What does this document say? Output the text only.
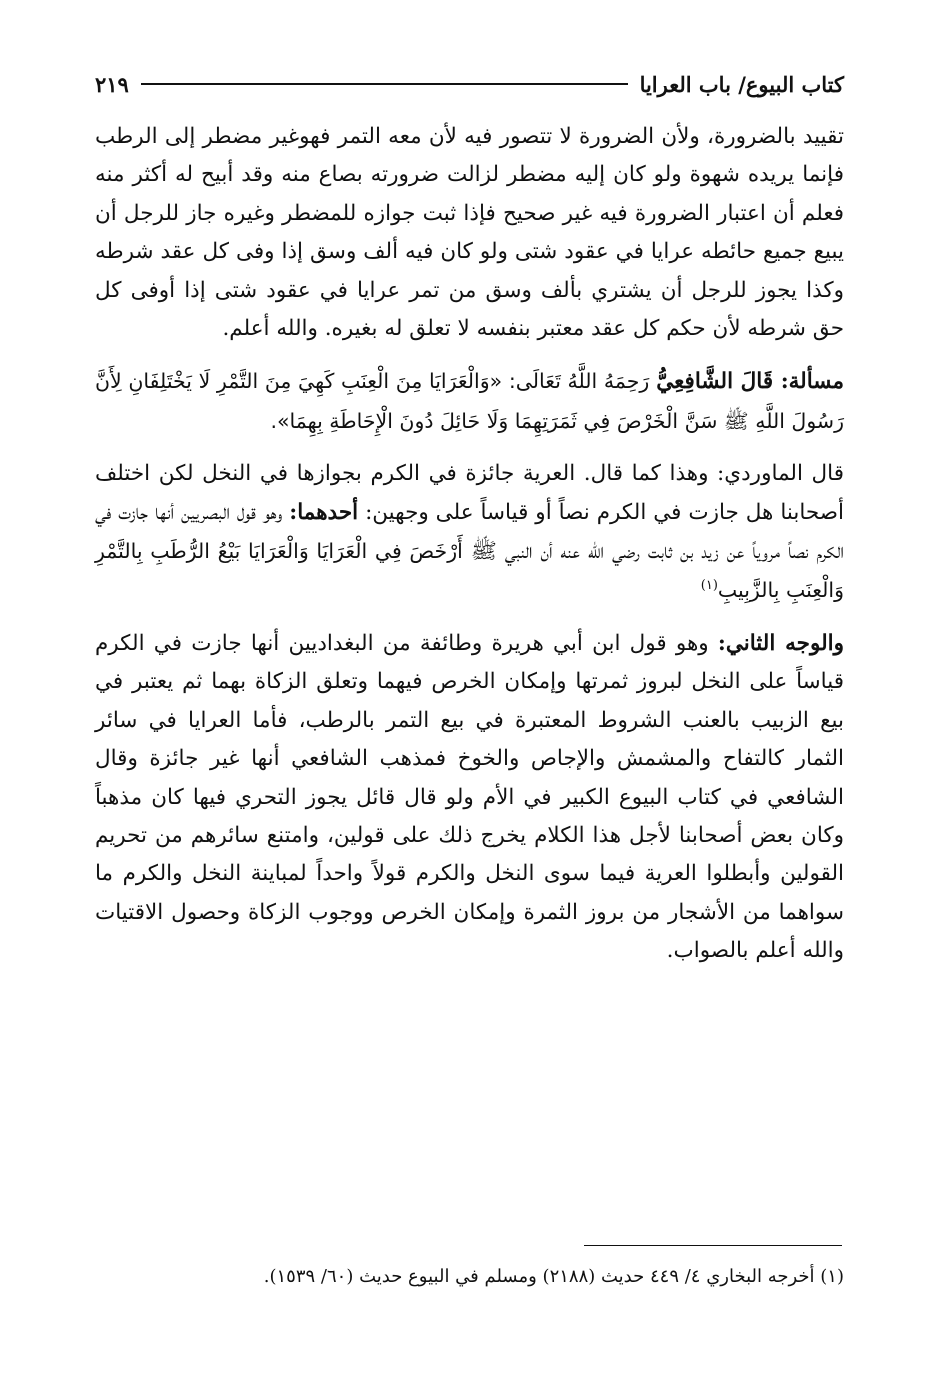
كتاب البيوع/ باب العرايا
٢١٩

تقييد بالضرورة، ولأن الضرورة لا تتصور فيه لأن معه التمر فهوغير مضطر إلى الرطب فإنما يريده شهوة ولو كان إليه مضطر لزالت ضرورته بصاع منه وقد أبيح له أكثر منه فعلم أن اعتبار الضرورة فيه غير صحيح فإذا ثبت جوازه للمضطر وغيره جاز للرجل أن يبيع جميع حائطه عرايا في عقود شتى ولو كان فيه ألف وسق إذا وفى كل عقد شرطه وكذا يجوز للرجل أن يشتري بألف وسق من تمر عرايا في عقود شتى إذا أوفى كل حق شرطه لأن حكم كل عقد معتبر بنفسه لا تعلق له بغيره. والله أعلم.

مسألة: قَالَ الشَّافِعِيُّ رَحِمَهُ اللَّهُ تَعَالَى: «وَالْعَرَايَا مِنَ الْعِنَبِ كَهِيَ مِنَ التَّمْرِ لَا يَخْتَلِفَانِ لِأَنَّ رَسُولَ اللَّهِ ﷺ سَنَّ الْخَرْصَ فِي ثَمَرَتِهِمَا وَلَا حَائِلَ دُونَ الْإِحَاطَةِ بِهِمَا».

قال الماوردي: وهذا كما قال. العرية جائزة في الكرم بجوازها في النخل لكن اختلف أصحابنا هل جازت في الكرم نصاً أو قياساً على وجهين: أحدهما: وهو قول البصريين أنها جازت في الكرم نصاً مروياً عن زيد بن ثابت رضي الله عنه أن النبي ﷺ أَرْخَصَ فِي الْعَرَايَا وَالْعَرَايَا بَيْعُ الرُّطَبِ بِالتَّمْرِ وَالْعِنَبِ بِالزَّبِيبِ$^{(١)}$

والوجه الثاني: وهو قول ابن أبي هريرة وطائفة من البغداديين أنها جازت في الكرم قياساً على النخل لبروز ثمرتها وإمكان الخرص فيهما وتعلق الزكاة بهما ثم يعتبر في بيع الزبيب بالعنب الشروط المعتبرة في بيع التمر بالرطب، فأما العرايا في سائر الثمار كالتفاح والمشمش والإجاص والخوخ فمذهب الشافعي أنها غير جائزة وقال الشافعي في كتاب البيوع الكبير في الأم ولو قال قائل يجوز التحري فيها كان مذهباً وكان بعض أصحابنا لأجل هذا الكلام يخرج ذلك على قولين، وامتنع سائرهم من تحريم القولين وأبطلوا العرية فيما سوى النخل والكرم قولاً واحداً لمباينة النخل والكرم ما سواهما من الأشجار من بروز الثمرة وإمكان الخرص ووجوب الزكاة وحصول الاقتيات والله أعلم بالصواب.

(١) أخرجه البخاري ٤/ ٤٤٩ حديث (٢١٨٨) ومسلم في البيوع حديث (٦٠/ ١٥٣٩).
